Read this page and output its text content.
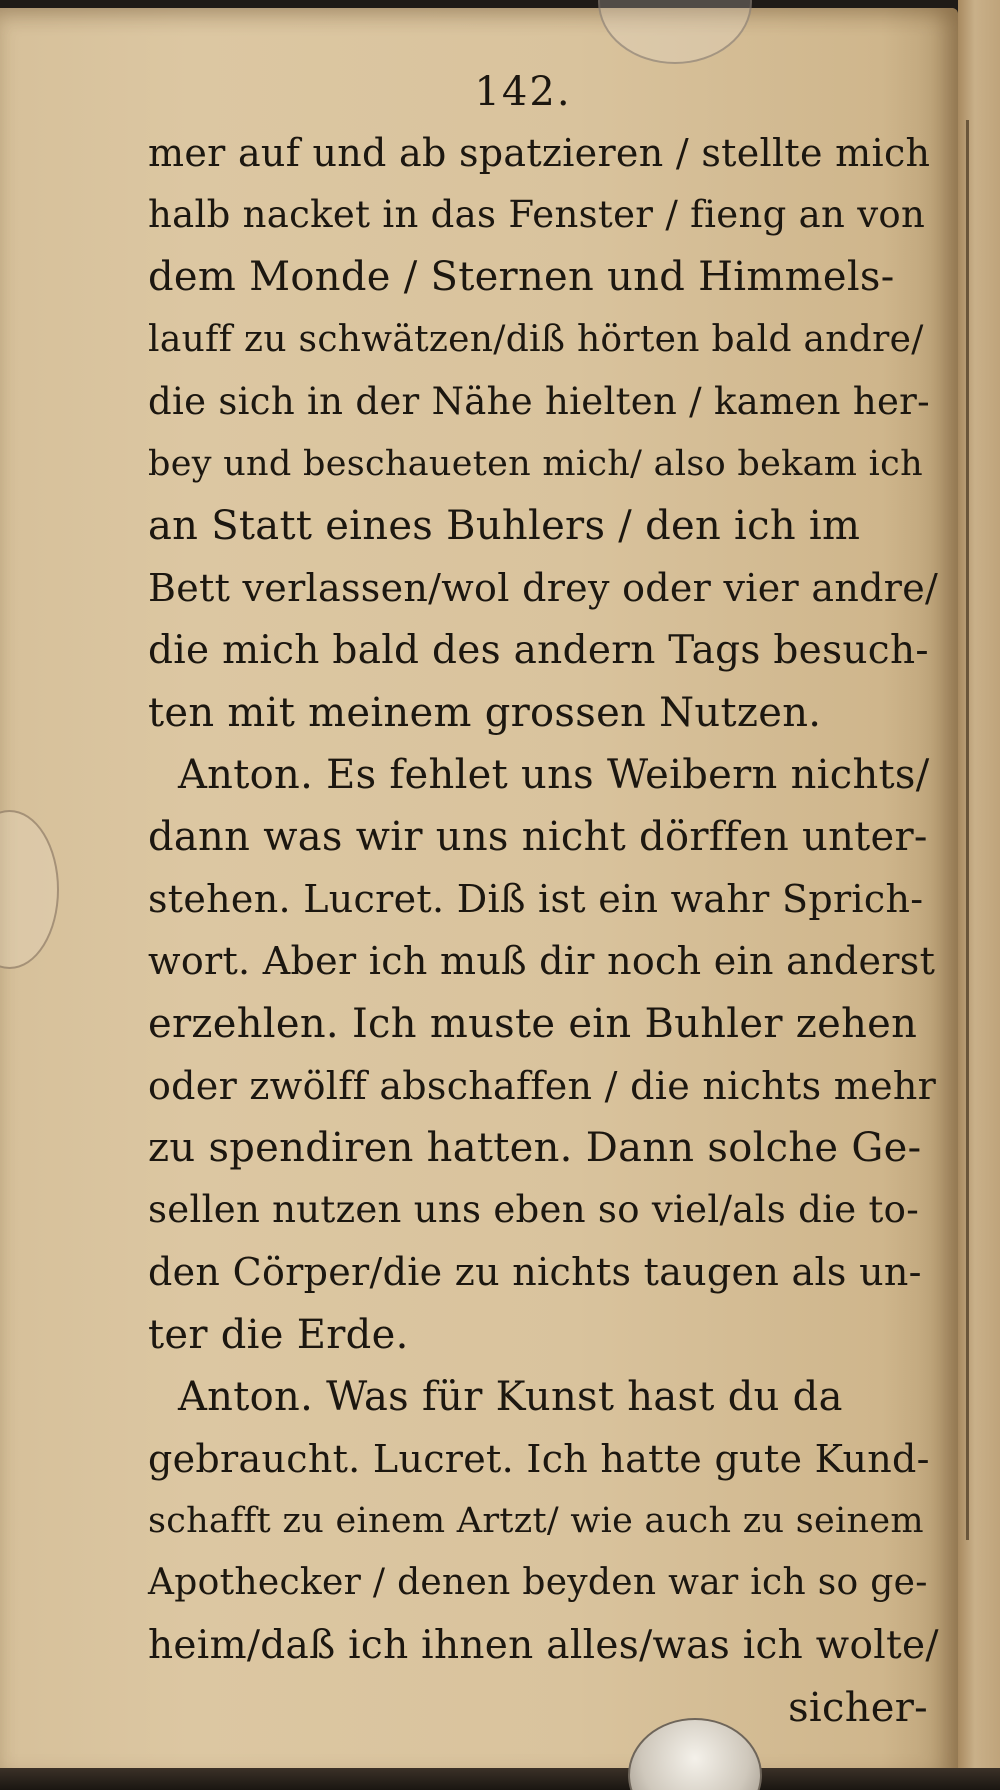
142.
mer auf und ab spatzieren / stellte mich
halb nacket in das Fenster / fieng an von
dem Monde / Sternen und Himmels-
lauff zu schwätzen/diß hörten bald andre/
die sich in der Nähe hielten / kamen her-
bey und beschaueten mich/ also bekam ich
an Statt eines Buhlers / den ich im
Bett verlassen/wol drey oder vier andre/
die mich bald des andern Tags besuch-
ten mit meinem grossen Nutzen.
Anton. Es fehlet uns Weibern nichts/
dann was wir uns nicht dörffen unter-
stehen. Lucret. Diß ist ein wahr Sprich-
wort. Aber ich muß dir noch ein anderst
erzehlen. Ich muste ein Buhler zehen
oder zwölff abschaffen / die nichts mehr
zu spendiren hatten. Dann solche Ge-
sellen nutzen uns eben so viel/als die to-
den Cörper/die zu nichts taugen als un-
ter die Erde.
Anton. Was für Kunst hast du da
gebraucht. Lucret. Ich hatte gute Kund-
schafft zu einem Artzt/ wie auch zu seinem
Apothecker / denen beyden war ich so ge-
heim/daß ich ihnen alles/was ich wolte/
sicher-
